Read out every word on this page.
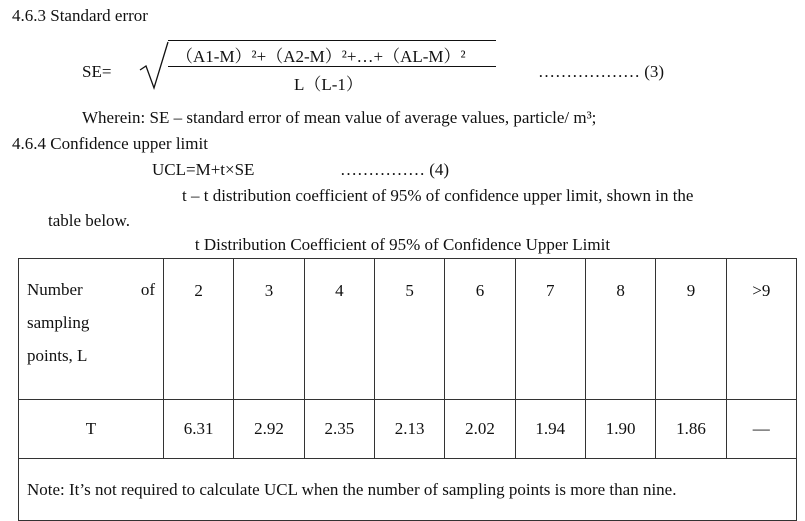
4.6.3 Standard error
SE=
（A1-M）²+（A2-M）²+…+（AL-M）²
L（L-1）
……………… (3)
Wherein: SE – standard error of mean value of average values, particle/ m³;
4.6.4 Confidence upper limit
UCL=M+t×SE	…………… (4)
t – t distribution coefficient of 95% of confidence upper limit, shown in the
table below.
t Distribution Coefficient of 95% of Confidence Upper Limit
Number of
sampling
points, L	2	3	4	5	6	7	8	9	>9
T	6.31	2.92	2.35	2.13	2.02	1.94	1.90	1.86	—
Note: It’s not required to calculate UCL when the number of sampling points is more than nine.									
